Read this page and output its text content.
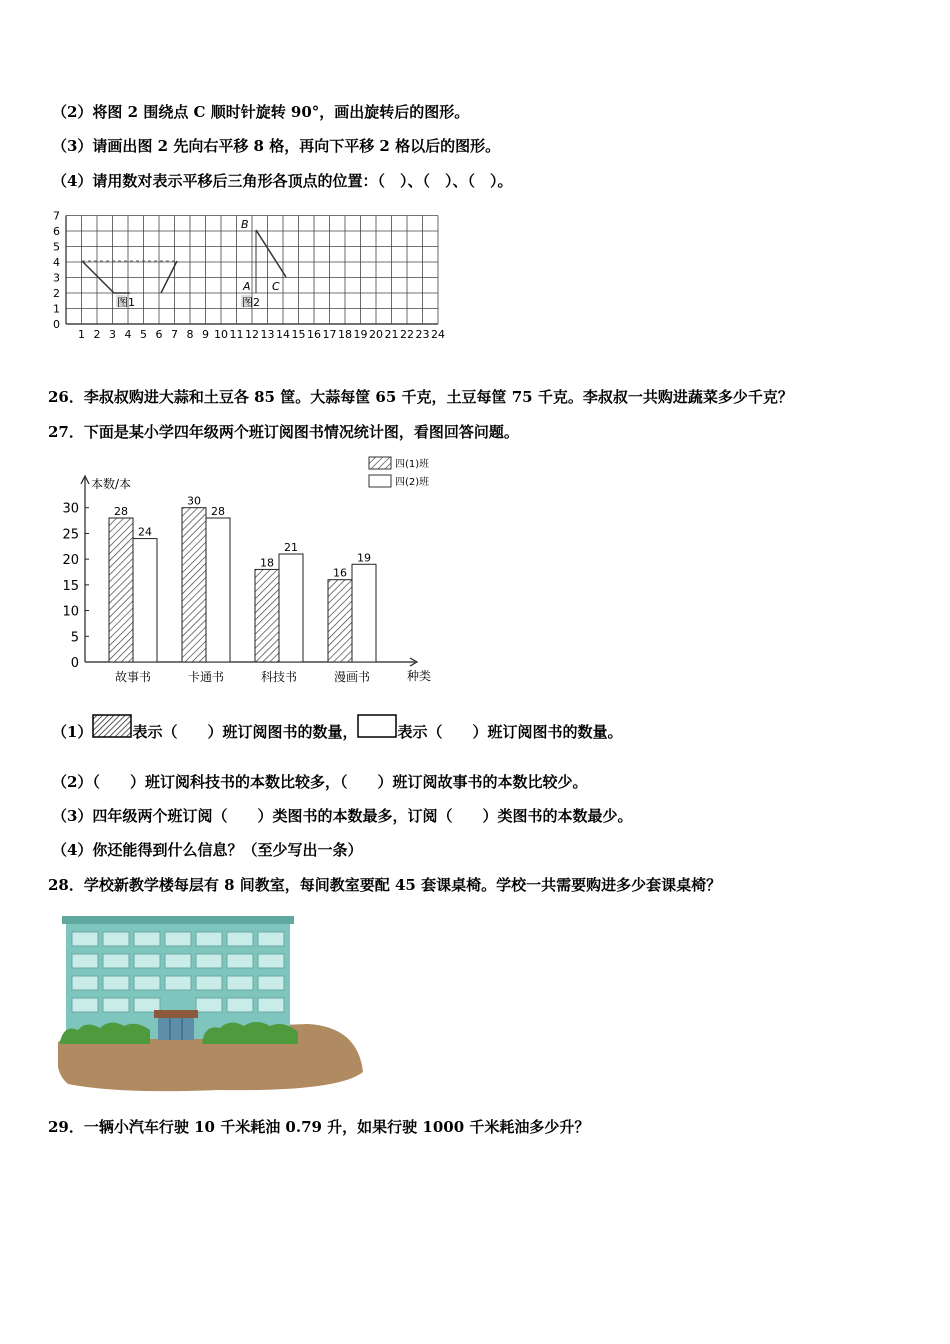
（2）将图 2 围绕点 C 顺时针旋转 90°，画出旋转后的图形。
（3）请画出图 2 先向右平移 8 格，再向下平移 2 格以后的图形。
（4）请用数对表示平移后三角形各顶点的位置：（　）、（　）、（　）。
1 2 3 4 5 6 7 8 9 10 11 12 13 14 15 16 17 18 19 20 21 22 23 24
0
1
2
3
4
5
6
7
图1	图2
B
A C
26．李叔叔购进大蒜和土豆各 85 筐。大蒜每筐 65 千克，土豆每筐 75 千克。李叔叔一共购进蔬菜多少千克？
27．下面是某小学四年级两个班订阅图书情况统计图，看图回答问题。
0
5
10
15
20
25
30	28
24
30
28
18
21
16
19
故事书	卡通书	科技书	漫画书
本数/本
种类
四(1)班
四(2)班
（1）	表示（　　）班订阅图书的数量，	表示（　　）班订阅图书的数量。
（2）（　　）班订阅科技书的本数比较多，（　　）班订阅故事书的本数比较少。
（3）四年级两个班订阅（　　）类图书的本数最多，订阅（　　）类图书的本数最少。
（4）你还能得到什么信息？（至少写出一条）
28．学校新教学楼每层有 8 间教室，每间教室要配 45 套课桌椅。学校一共需要购进多少套课桌椅？
29．一辆小汽车行驶 10 千米耗油 0.79 升，如果行驶 1000 千米耗油多少升？
